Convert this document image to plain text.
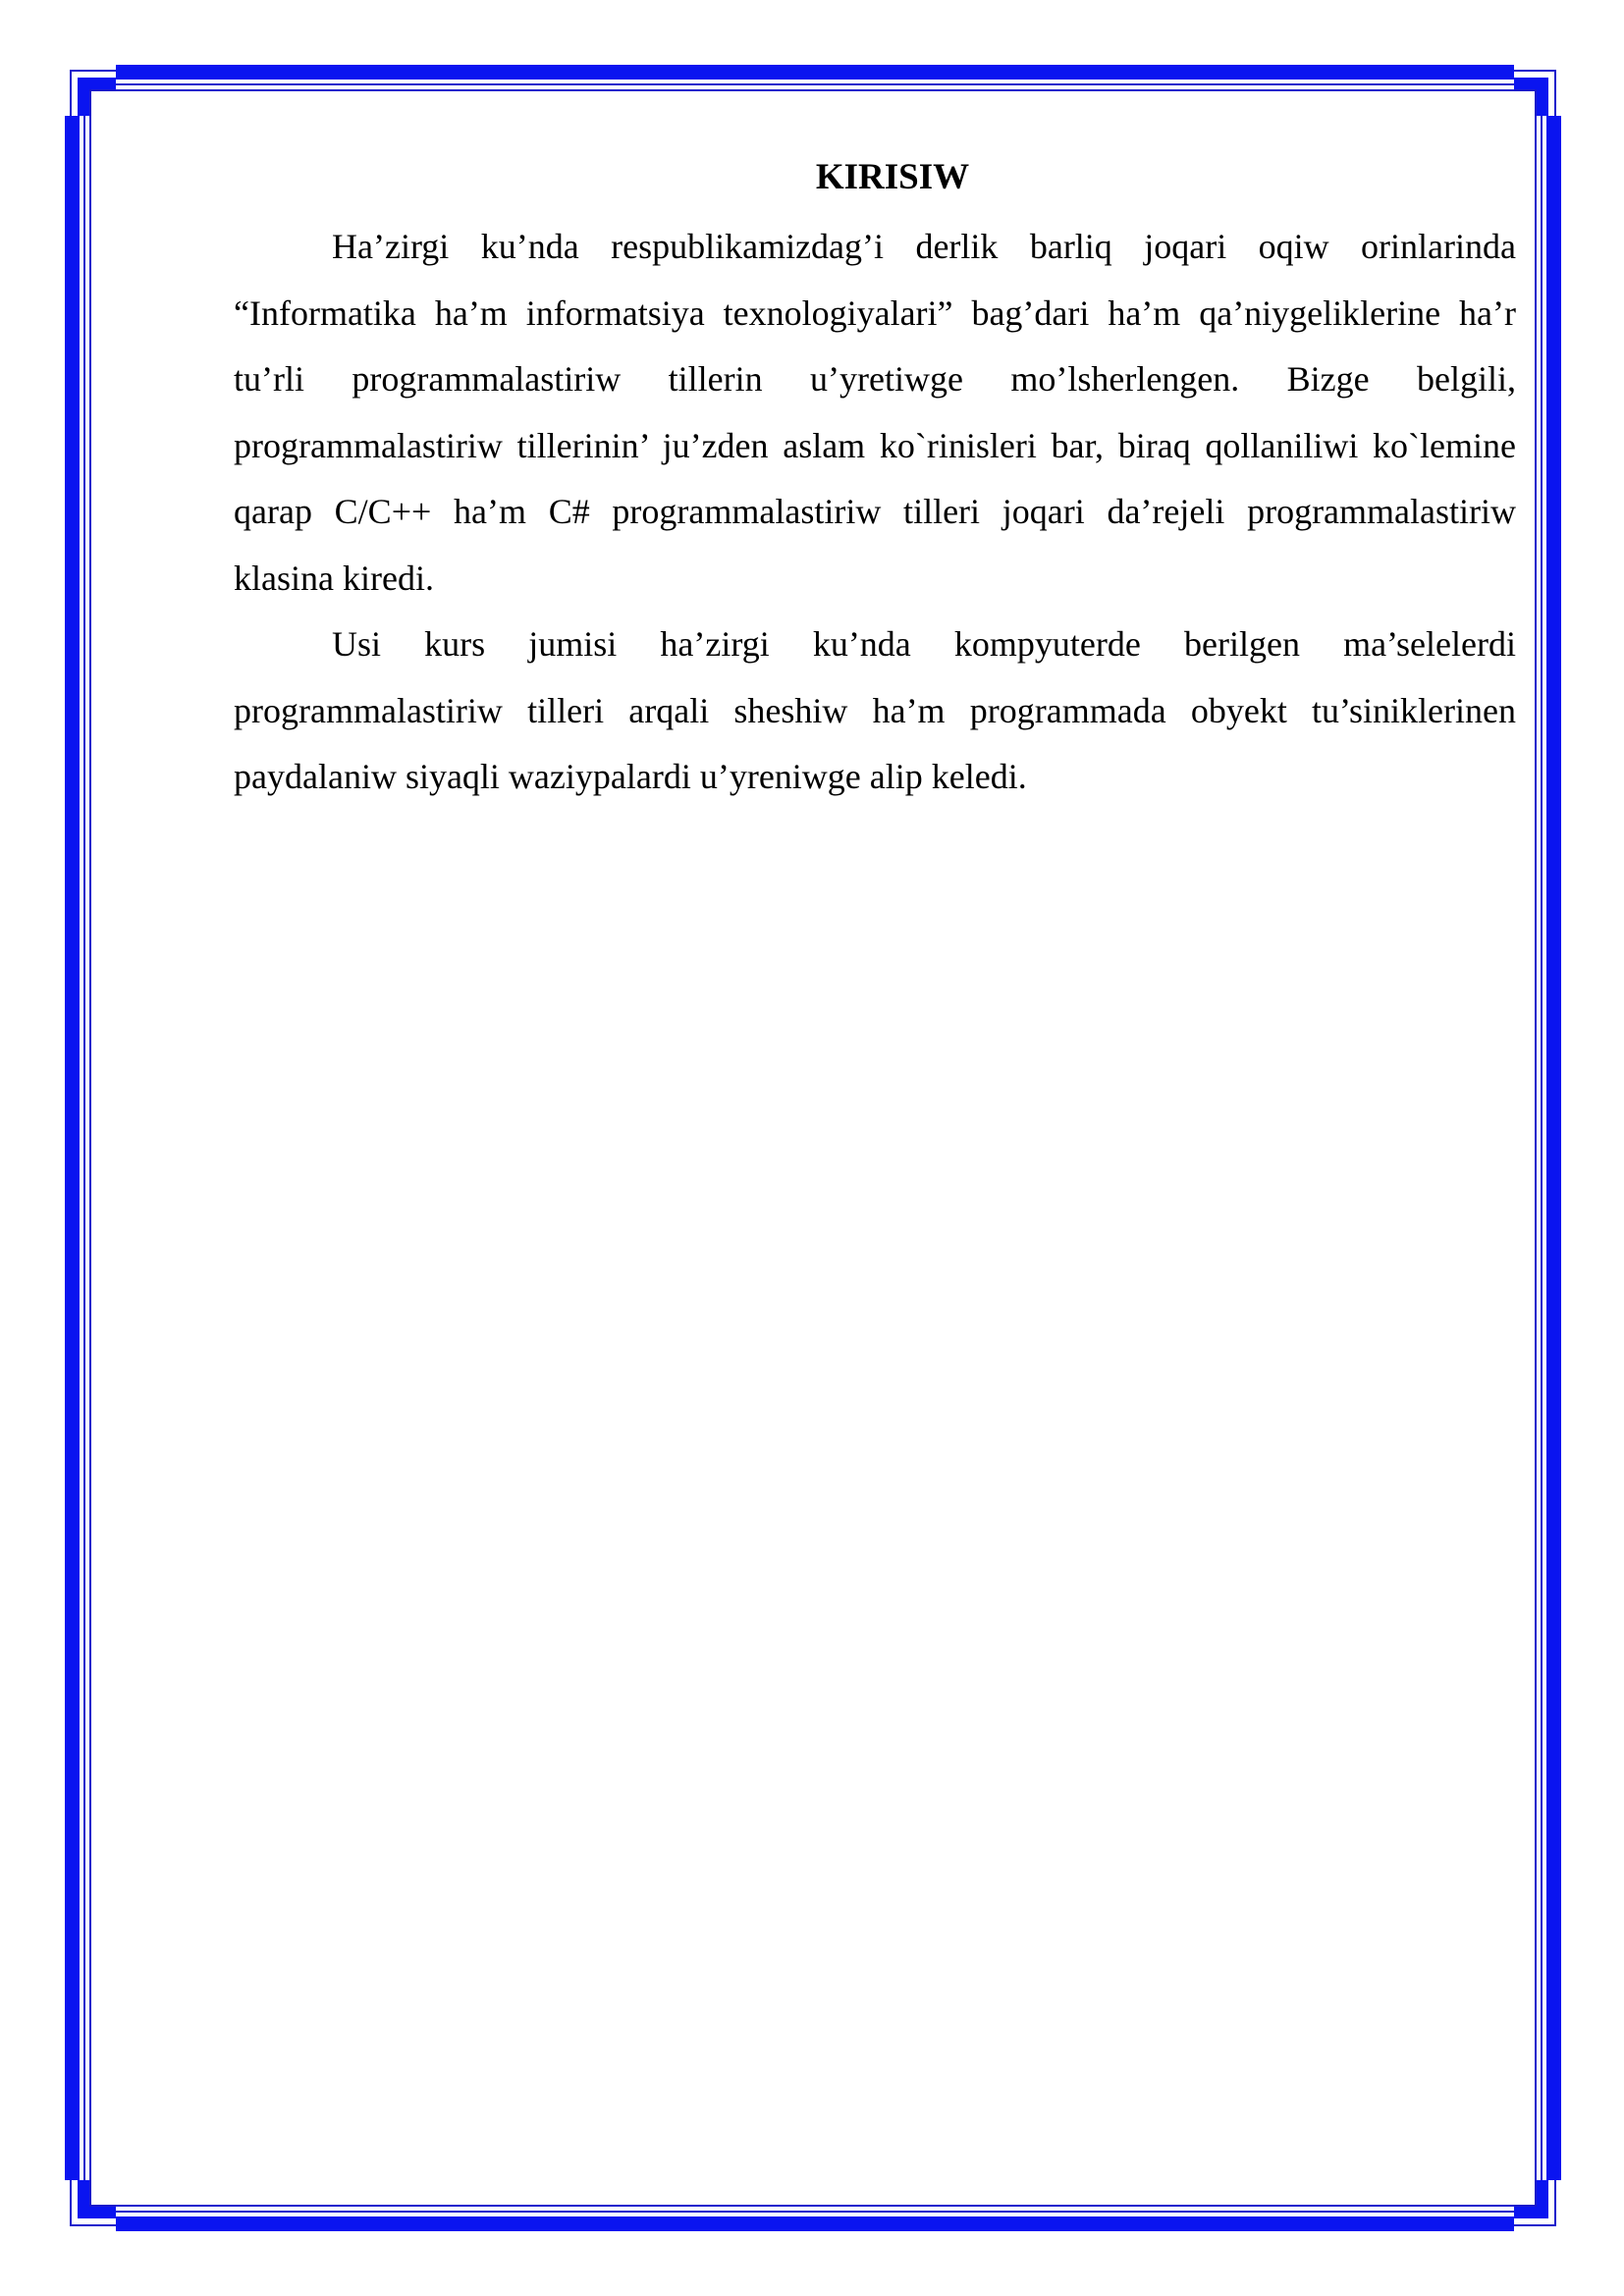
KIRISIW

Ha’zirgi ku’nda respublikamizdag’i derlik barliq joqari oqiw orinlarinda “Informatika ha’m informatsiya texnologiyalari” bag’dari ha’m qa’niygeliklerine ha’r tu’rli programmalastiriw tillerin u’yretiwge mo’lsherlengen. Bizge belgili, programmalastiriw tillerinin’ ju’zden aslam ko`rinisleri bar, biraq qollaniliwi ko`lemine qarap C/C++ ha’m C# programmalastiriw tilleri joqari da’rejeli programmalastiriw klasina kiredi.

Usi kurs jumisi ha’zirgi ku’nda kompyuterde berilgen ma’selelerdi programmalastiriw tilleri arqali sheshiw ha’m programmada obyekt tu’siniklerinen paydalaniw siyaqli waziypalardi u’yreniwge alip keledi.
